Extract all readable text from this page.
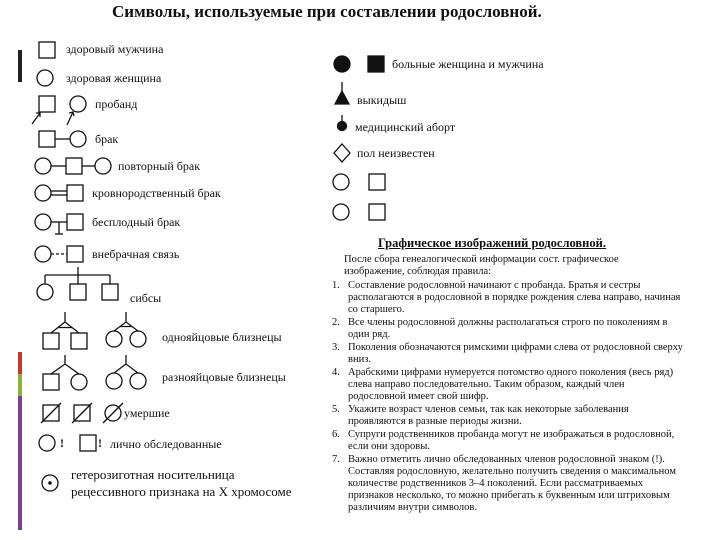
Символы, используемые при составлении родословной.
здоровый мужчина
здоровая женщина
пробанд
брак
повторный брак
кровнородственный брак
бесплодный брак
внебрачная связь
сибсы
однояйцовые близнецы
разнояйцовые близнецы
умершие
!	! лично обследованные
гетерозиготная носительница
рецессивного признака на X хромосоме
больные женщина и мужчина
выкидыш
медицинский аборт
пол неизвестен
Графическое изображений родословной.
После сбора генеалогической информации сост. графическое изображение, соблюдая правила:
1. Составление родословной начинают с пробанда. Братья и сестры располагаются в родословной в порядке рождения слева направо, начиная со старшего.
2. Все члены родословной должны располагаться строго по поколениям в один ряд.
3. Поколения обозначаются римскими цифрами слева от родословной сверху вниз.
4. Арабскими цифрами нумеруется потомство одного поколения (весь ряд) слева направо последовательно. Таким образом, каждый член родословной имеет свой шифр.
5. Укажите возраст членов семьи, так как некоторые заболевания проявляются в разные периоды жизни.
6. Супруги родственников пробанда могут не изображаться в родословной, если они здоровы.
7. Важно отметить лично обследованных членов родословной знаком (!). Составляя родословную, желательно получить сведения о максимальном количестве родственников 3–4 поколений. Если рассматриваемых признаков несколько, то можно прибегать к буквенным или штриховым различиям внутри символов.
